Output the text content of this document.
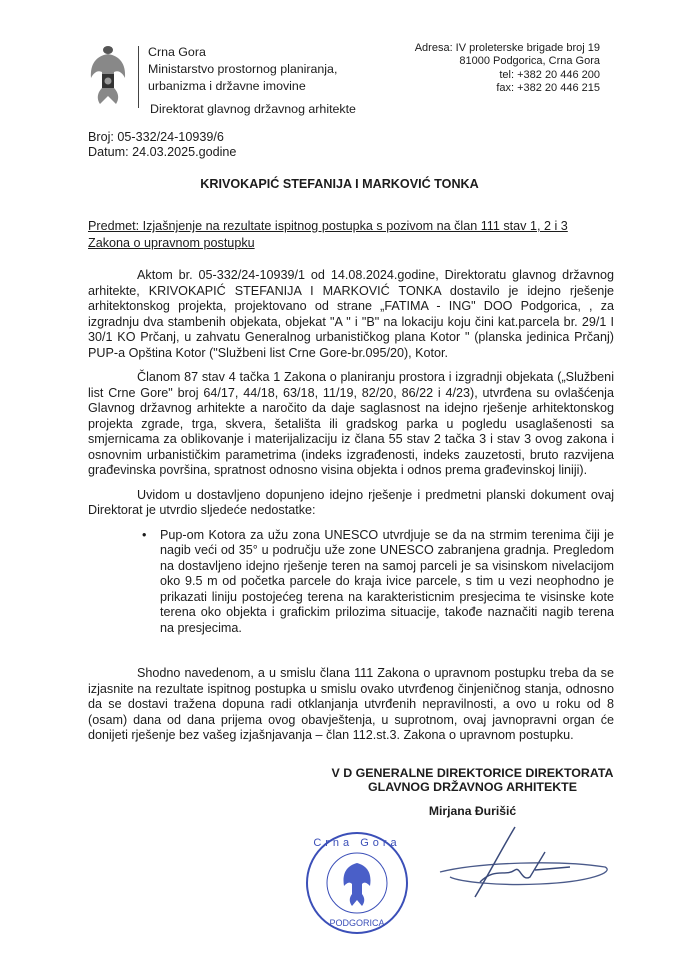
Crna Gora
Ministarstvo prostornog planiranja,
urbanizma i državne imovine
Direktorat glavnog državnog arhitekte
Adresa: IV proleterske brigade broj 19
81000 Podgorica, Crna Gora
tel: +382 20 446 200
fax: +382 20 446 215
Broj: 05-332/24-10939/6
Datum: 24.03.2025.godine
KRIVOKAPIĆ STEFANIJA I MARKOVIĆ TONKA
Predmet: Izjašnjenje na rezultate ispitnog postupka s pozivom na član 111 stav 1, 2 i 3 Zakona o upravnom postupku
Aktom br. 05-332/24-10939/1 od 14.08.2024.godine, Direktoratu glavnog državnog arhitekte, KRIVOKAPIĆ STEFANIJA I MARKOVIĆ TONKA dostavilo je idejno rješenje arhitektonskog projekta, projektovano od strane „FATIMA - ING" DOO Podgorica, , za izgradnju dva stambenih objekata, objekat "A " i "B" na lokaciju koju čini kat.parcela br. 29/1 I 30/1 KO Prčanj, u zahvatu Generalnog urbanističkog plana Kotor " (planska jedinica Prčanj) PUP-a Opština Kotor ("Službeni list Crne Gore-br.095/20), Kotor.
Članom 87 stav 4 tačka 1 Zakona o planiranju prostora i izgradnji objekata („Službeni list Crne Gore" broj 64/17, 44/18, 63/18, 11/19, 82/20, 86/22 i 4/23), utvrđena su ovlašćenja Glavnog državnog arhitekte a naročito da daje saglasnost na idejno rješenje arhitektonskog projekta zgrade, trga, skvera, šetališta ili gradskog parka u pogledu usaglašenosti sa smjernicama za oblikovanje i materijalizaciju iz člana 55 stav 2 tačka 3 i stav 3 ovog zakona i osnovnim urbanističkim parametrima (indeks izgrađenosti, indeks zauzetosti, bruto razvijena građevinska površina, spratnost odnosno visina objekta i odnos prema građevinskoj liniji).
Uvidom u dostavljeno dopunjeno idejno rješenje i predmetni planski dokument ovaj Direktorat je utvrdio sljedeće nedostatke:
•	Pup-om Kotora za užu zona UNESCO utvrdjuje se da na strmim terenima čiji je nagib veći od 35° u području uže zone UNESCO zabranjena gradnja. Pregledom na dostavljeno idejno rješenje teren na samoj parceli je sa visinskom nivelacijom oko 9.5 m od početka parcele do kraja ivice parcele, s tim u vezi neophodno je prikazati liniju postojećeg terena na karakteristicnim presjecima te visinske kote terena oko objekta i grafickim prilozima situacije, takođe naznačiti nagib terena na presjecima.
Shodno navedenom, a u smislu člana 111 Zakona o upravnom postupku treba da se izjasnite na rezultate ispitnog postupka u smislu ovako utvrđenog činjeničnog stanja, odnosno da se dostavi tražena dopuna radi otklanjanja utvrđenih nepravilnosti, a ovo u roku od 8 (osam) dana od dana prijema ovog obavještenja, u suprotnom, ovaj javnopravni organ će donijeti rješenje bez vašeg izjašnjavanja – član 112.st.3. Zakona o upravnom postupku.
V D GENERALNE DIREKTORICE DIREKTORATA
GLAVNOG DRŽAVNOG ARHITEKTE
Mirjana Đurišić
Crna Gora
PODGORICA
